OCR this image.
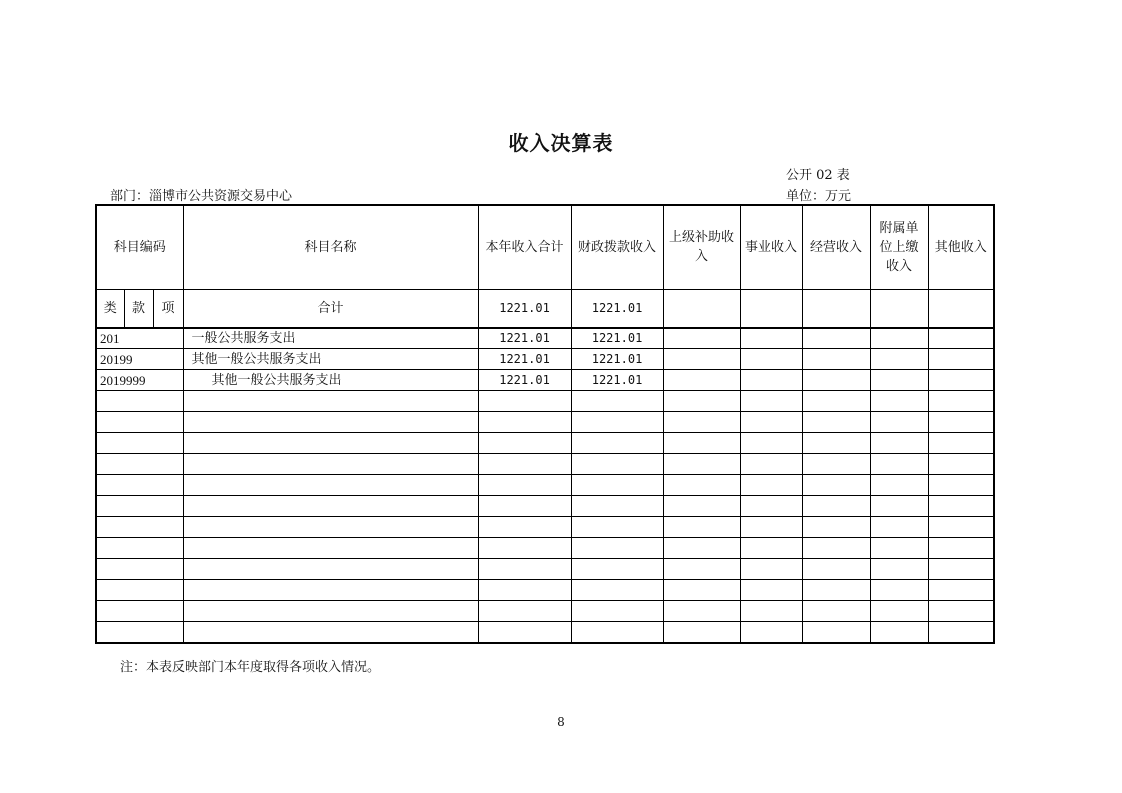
收入决算表
公开 02 表
部门：淄博市公共资源交易中心	单位：万元
科目编码			科目名称	本年收入合计	财政拨款收入	上级补助收入	事业收入	经营收入	附属单位上缴收入	其他收入
类	款	项	合计	1221.01	1221.01					
201			一般公共服务支出	1221.01	1221.01					
20199			其他一般公共服务支出	1221.01	1221.01					
2019999			其他一般公共服务支出	1221.01	1221.01					

注：本表反映部门本年度取得各项收入情况。
8
